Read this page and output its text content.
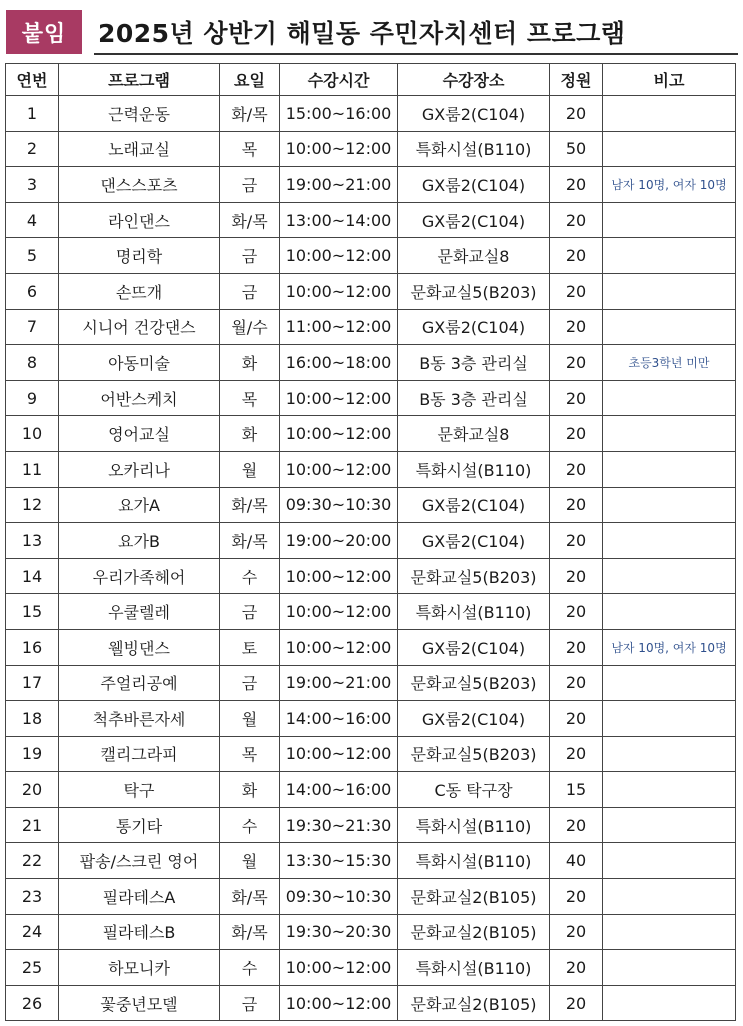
붙임	2025년 상반기 해밀동 주민자치센터 프로그램
연번	프로그램	요일	수강시간	수강장소	정원	비고
1	근력운동	화/목	15:00~16:00	GX룸2(C104)	20	
2	노래교실	목	10:00~12:00	특화시설(B110)	50	
3	댄스스포츠	금	19:00~21:00	GX룸2(C104)	20	남자 10명, 여자 10명
4	라인댄스	화/목	13:00~14:00	GX룸2(C104)	20	
5	명리학	금	10:00~12:00	문화교실8	20	
6	손뜨개	금	10:00~12:00	문화교실5(B203)	20	
7	시니어 건강댄스	월/수	11:00~12:00	GX룸2(C104)	20	
8	아동미술	화	16:00~18:00	B동 3층 관리실	20	초등3학년 미만
9	어반스케치	목	10:00~12:00	B동 3층 관리실	20	
10	영어교실	화	10:00~12:00	문화교실8	20	
11	오카리나	월	10:00~12:00	특화시설(B110)	20	
12	요가A	화/목	09:30~10:30	GX룸2(C104)	20	
13	요가B	화/목	19:00~20:00	GX룸2(C104)	20	
14	우리가족헤어	수	10:00~12:00	문화교실5(B203)	20	
15	우쿨렐레	금	10:00~12:00	특화시설(B110)	20	
16	웰빙댄스	토	10:00~12:00	GX룸2(C104)	20	남자 10명, 여자 10명
17	주얼리공예	금	19:00~21:00	문화교실5(B203)	20	
18	척추바른자세	월	14:00~16:00	GX룸2(C104)	20	
19	캘리그라피	목	10:00~12:00	문화교실5(B203)	20	
20	탁구	화	14:00~16:00	C동 탁구장	15	
21	통기타	수	19:30~21:30	특화시설(B110)	20	
22	팝송/스크린 영어	월	13:30~15:30	특화시설(B110)	40	
23	필라테스A	화/목	09:30~10:30	문화교실2(B105)	20	
24	필라테스B	화/목	19:30~20:30	문화교실2(B105)	20	
25	하모니카	수	10:00~12:00	특화시설(B110)	20	
26	꽃중년모델	금	10:00~12:00	문화교실2(B105)	20	
